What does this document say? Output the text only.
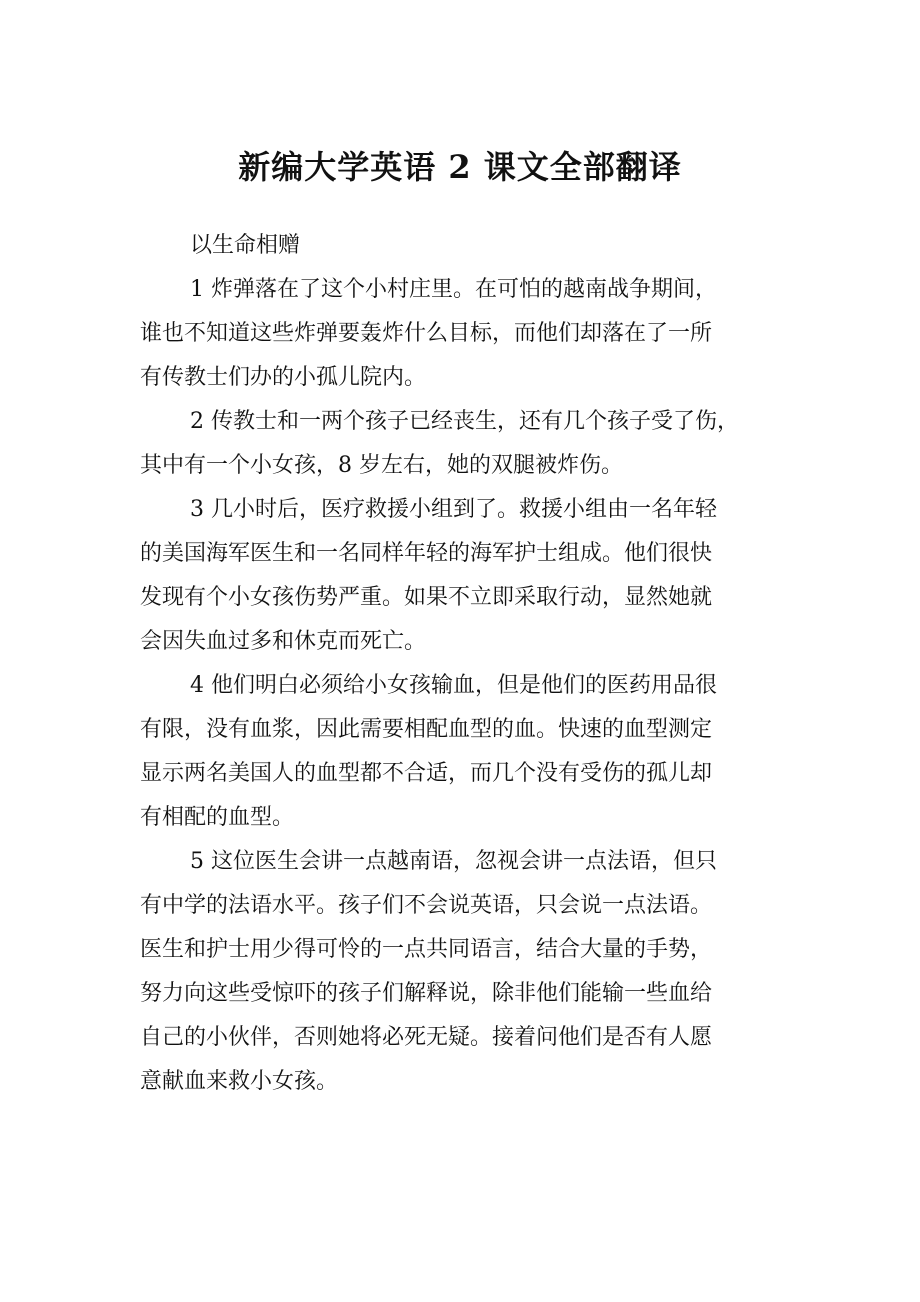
新编大学英语 2 课文全部翻译

以生命相赠

1 炸弹落在了这个小村庄里。在可怕的越南战争期间，
谁也不知道这些炸弹要轰炸什么目标，而他们却落在了一所
有传教士们办的小孤儿院内。

2 传教士和一两个孩子已经丧生，还有几个孩子受了伤，
其中有一个小女孩，8 岁左右，她的双腿被炸伤。

3 几小时后，医疗救援小组到了。救援小组由一名年轻
的美国海军医生和一名同样年轻的海军护士组成。他们很快
发现有个小女孩伤势严重。如果不立即采取行动，显然她就
会因失血过多和休克而死亡。

4 他们明白必须给小女孩输血，但是他们的医药用品很
有限，没有血浆，因此需要相配血型的血。快速的血型测定
显示两名美国人的血型都不合适，而几个没有受伤的孤儿却
有相配的血型。

5 这位医生会讲一点越南语，忽视会讲一点法语，但只
有中学的法语水平。孩子们不会说英语，只会说一点法语。
医生和护士用少得可怜的一点共同语言，结合大量的手势，
努力向这些受惊吓的孩子们解释说，除非他们能输一些血给
自己的小伙伴，否则她将必死无疑。接着问他们是否有人愿
意献血来救小女孩。
